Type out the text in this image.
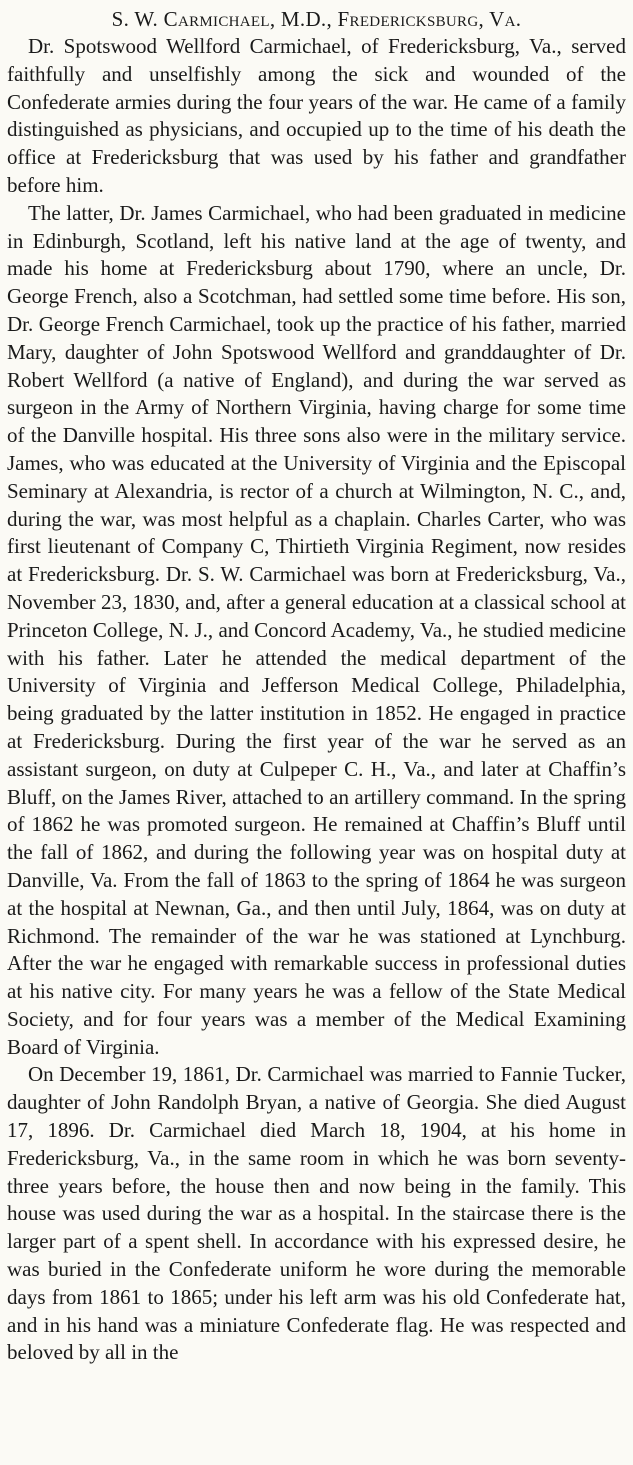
S. W. Carmichael, M.D., Fredericksburg, Va.

Dr. Spotswood Wellford Carmichael, of Fredericksburg, Va., served faithfully and unselfishly among the sick and wounded of the Confederate armies during the four years of the war. He came of a family distinguished as physicians, and occupied up to the time of his death the office at Fredericksburg that was used by his father and grandfather before him.

The latter, Dr. James Carmichael, who had been graduated in medicine in Edinburgh, Scotland, left his native land at the age of twenty, and made his home at Fredericksburg about 1790, where an uncle, Dr. George French, also a Scotchman, had settled some time before. His son, Dr. George French Carmichael, took up the practice of his father, married Mary, daughter of John Spotswood Wellford and granddaughter of Dr. Robert Wellford (a native of England), and during the war served as surgeon in the Army of Northern Virginia, having charge for some time of the Danville hospital. His three sons also were in the military service. James, who was educated at the University of Virginia and the Episcopal Seminary at Alexandria, is rector of a church at Wilmington, N. C., and, during the war, was most helpful as a chaplain. Charles Carter, who was first lieutenant of Company C, Thirtieth Virginia Regiment, now resides at Fredericksburg. Dr. S. W. Carmichael was born at Fredericksburg, Va., November 23, 1830, and, after a general education at a classical school at Princeton College, N. J., and Concord Academy, Va., he studied medicine with his father. Later he attended the medical department of the University of Virginia and Jefferson Medical College, Philadelphia, being graduated by the latter institution in 1852. He engaged in practice at Fredericksburg. During the first year of the war he served as an assistant surgeon, on duty at Culpeper C. H., Va., and later at Chaffin’s Bluff, on the James River, attached to an artillery command. In the spring of 1862 he was promoted surgeon. He remained at Chaffin’s Bluff until the fall of 1862, and during the following year was on hospital duty at Danville, Va. From the fall of 1863 to the spring of 1864 he was surgeon at the hospital at Newnan, Ga., and then until July, 1864, was on duty at Richmond. The remainder of the war he was stationed at Lynchburg. After the war he engaged with remarkable success in professional duties at his native city. For many years he was a fellow of the State Medical Society, and for four years was a member of the Medical Examining Board of Virginia.

On December 19, 1861, Dr. Carmichael was married to Fannie Tucker, daughter of John Randolph Bryan, a native of Georgia. She died August 17, 1896. Dr. Carmichael died March 18, 1904, at his home in Fredericksburg, Va., in the same room in which he was born seventy-three years before, the house then and now being in the family. This house was used during the war as a hospital. In the staircase there is the larger part of a spent shell. In accordance with his expressed desire, he was buried in the Confederate uniform he wore during the memorable days from 1861 to 1865; under his left arm was his old Confederate hat, and in his hand was a miniature Confederate flag. He was respected and beloved by all in the
